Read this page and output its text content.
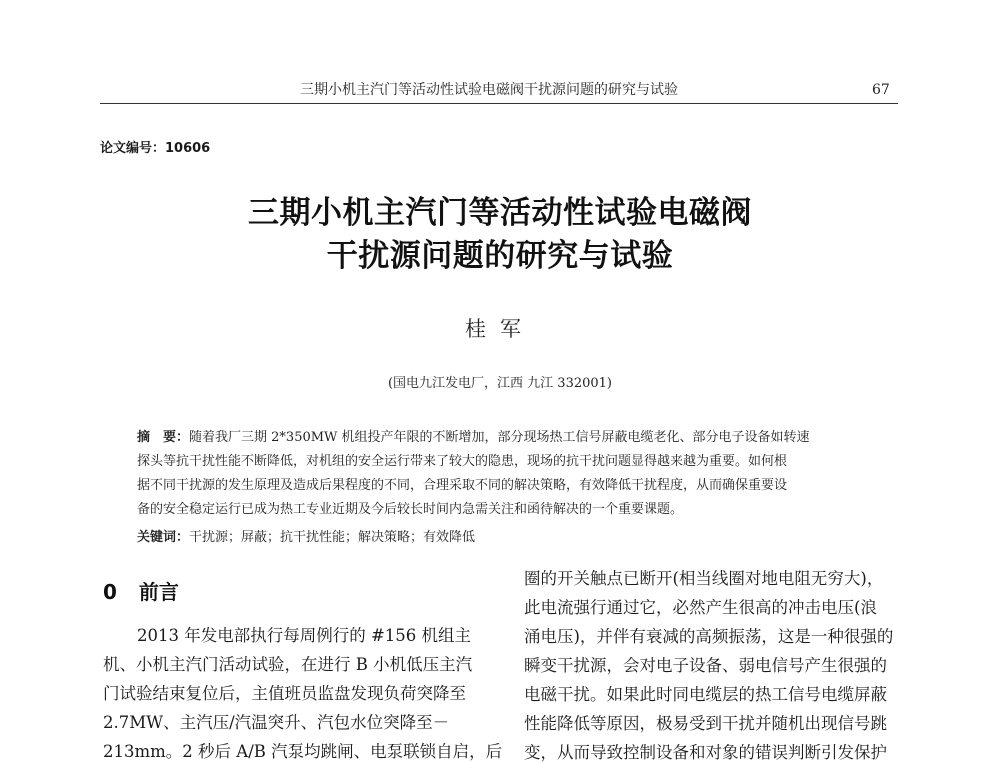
三期小机主汽门等活动性试验电磁阀干扰源问题的研究与试验	67
论文编号：10606
三期小机主汽门等活动性试验电磁阀
干扰源问题的研究与试验
桂军
(国电九江发电厂，江西 九江 332001)
摘　要：随着我厂三期 2*350MW 机组投产年限的不断增加，部分现场热工信号屏蔽电缆老化、部分电子设备如转速
探头等抗干扰性能不断降低，对机组的安全运行带来了较大的隐患，现场的抗干扰问题显得越来越为重要。如何根
据不同干扰源的发生原理及造成后果程度的不同，合理采取不同的解决策略，有效降低干扰程度，从而确保重要设
备的安全稳定运行已成为热工专业近期及今后较长时间内急需关注和函待解决的一个重要课题。
关键词：干扰源；屏蔽；抗干扰性能；解决策略；有效降低
0 前言
2013 年发电部执行每周例行的 #156 机组主
机、小机主汽门活动试验，在进行 B 小机低压主汽
门试验结束复位后，主值班员监盘发现负荷突降至
2.7MW、主汽压/汽温突升、汽包水位突降至－
213mm。2 秒后 A/B 汽泵均跳闸、电泵联锁自启，后
圈的开关触点已断开(相当线圈对地电阻无穷大)，
此电流强行通过它，必然产生很高的冲击电压(浪
涌电压)，并伴有衰减的高频振荡，这是一种很强的
瞬变干扰源，会对电子设备、弱电信号产生很强的
电磁干扰。如果此时同电缆层的热工信号电缆屏蔽
性能降低等原因，极易受到干扰并随机出现信号跳
变，从而导致控制设备和对象的错误判断引发保护
